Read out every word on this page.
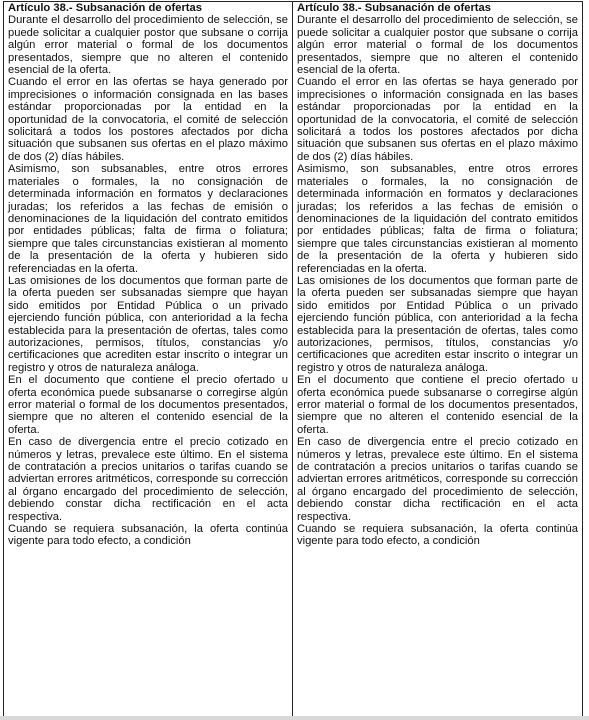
Artículo 38.- Subsanación de ofertas

Durante el desarrollo del procedimiento de selección, se puede solicitar a cualquier postor que subsane o corrija algún error material o formal de los documentos presentados, siempre que no alteren el contenido esencial de la oferta.

Cuando el error en las ofertas se haya generado por imprecisiones o información consignada en las bases estándar proporcionadas por la entidad en la oportunidad de la convocatoria, el comité de selección solicitará a todos los postores afectados por dicha situación que subsanen sus ofertas en el plazo máximo de dos (2) días hábiles.

Asimismo, son subsanables, entre otros errores materiales o formales, la no consignación de determinada información en formatos y declaraciones juradas; los referidos a las fechas de emisión o denominaciones de la liquidación del contrato emitidos por entidades públicas; falta de firma o foliatura; siempre que tales circunstancias existieran al momento de la presentación de la oferta y hubieren sido referenciadas en la oferta.

Las omisiones de los documentos que forman parte de la oferta pueden ser subsanadas siempre que hayan sido emitidos por Entidad Pública o un privado ejerciendo función pública, con anterioridad a la fecha establecida para la presentación de ofertas, tales como autorizaciones, permisos, títulos, constancias y/o certificaciones que acrediten estar inscrito o integrar un registro y otros de naturaleza análoga.

En el documento que contiene el precio ofertado u oferta económica puede subsanarse o corregirse algún error material o formal de los documentos presentados, siempre que no alteren el contenido esencial de la oferta.

En caso de divergencia entre el precio cotizado en números y letras, prevalece este último. En el sistema de contratación a precios unitarios o tarifas cuando se adviertan errores aritméticos, corresponde su corrección al órgano encargado del procedimiento de selección, debiendo constar dicha rectificación en el acta respectiva.

Cuando se requiera subsanación, la oferta continúa vigente para todo efecto, a condición

Artículo 38.- Subsanación de ofertas

Durante el desarrollo del procedimiento de selección, se puede solicitar a cualquier postor que subsane o corrija algún error material o formal de los documentos presentados, siempre que no alteren el contenido esencial de la oferta.

Cuando el error en las ofertas se haya generado por imprecisiones o información consignada en las bases estándar proporcionadas por la entidad en la oportunidad de la convocatoria, el comité de selección solicitará a todos los postores afectados por dicha situación que subsanen sus ofertas en el plazo máximo de dos (2) días hábiles.

Asimismo, son subsanables, entre otros errores materiales o formales, la no consignación de determinada información en formatos y declaraciones juradas; los referidos a las fechas de emisión o denominaciones de la liquidación del contrato emitidos por entidades públicas; falta de firma o foliatura; siempre que tales circunstancias existieran al momento de la presentación de la oferta y hubieren sido referenciadas en la oferta.

Las omisiones de los documentos que forman parte de la oferta pueden ser subsanadas siempre que hayan sido emitidos por Entidad Pública o un privado ejerciendo función pública, con anterioridad a la fecha establecida para la presentación de ofertas, tales como autorizaciones, permisos, títulos, constancias y/o certificaciones que acrediten estar inscrito o integrar un registro y otros de naturaleza análoga.

En el documento que contiene el precio ofertado u oferta económica puede subsanarse o corregirse algún error material o formal de los documentos presentados, siempre que no alteren el contenido esencial de la oferta.

En caso de divergencia entre el precio cotizado en números y letras, prevalece este último. En el sistema de contratación a precios unitarios o tarifas cuando se adviertan errores aritméticos, corresponde su corrección al órgano encargado del procedimiento de selección, debiendo constar dicha rectificación en el acta respectiva.

Cuando se requiera subsanación, la oferta continúa vigente para todo efecto, a condición
